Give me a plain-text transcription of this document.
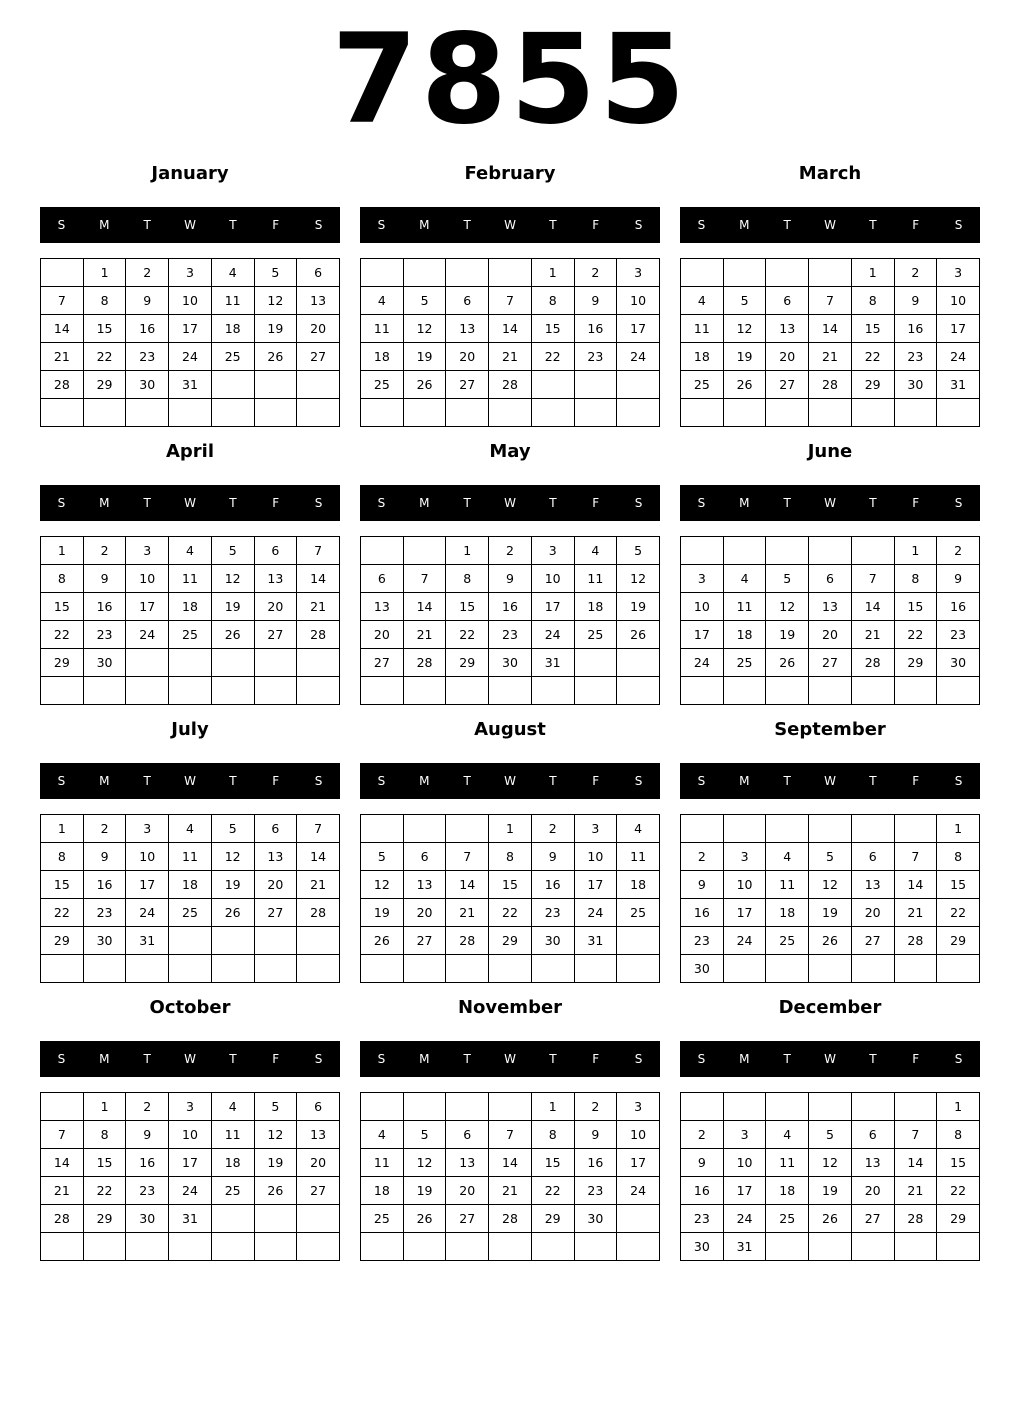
7855
January
S	M	T	W	T	F	S
	1	2	3	4	5	6
7	8	9	10	11	12	13
14	15	16	17	18	19	20
21	22	23	24	25	26	27
28	29	30	31			

February
S	M	T	W	T	F	S
				1	2	3
4	5	6	7	8	9	10
11	12	13	14	15	16	17
18	19	20	21	22	23	24
25	26	27	28			

March
S	M	T	W	T	F	S
				1	2	3
4	5	6	7	8	9	10
11	12	13	14	15	16	17
18	19	20	21	22	23	24
25	26	27	28	29	30	31

April
S	M	T	W	T	F	S
1	2	3	4	5	6	7
8	9	10	11	12	13	14
15	16	17	18	19	20	21
22	23	24	25	26	27	28
29	30					

May
S	M	T	W	T	F	S
		1	2	3	4	5
6	7	8	9	10	11	12
13	14	15	16	17	18	19
20	21	22	23	24	25	26
27	28	29	30	31		

June
S	M	T	W	T	F	S
					1	2
3	4	5	6	7	8	9
10	11	12	13	14	15	16
17	18	19	20	21	22	23
24	25	26	27	28	29	30

July
S	M	T	W	T	F	S
1	2	3	4	5	6	7
8	9	10	11	12	13	14
15	16	17	18	19	20	21
22	23	24	25	26	27	28
29	30	31				

August
S	M	T	W	T	F	S
			1	2	3	4
5	6	7	8	9	10	11
12	13	14	15	16	17	18
19	20	21	22	23	24	25
26	27	28	29	30	31	

September
S	M	T	W	T	F	S
						1
2	3	4	5	6	7	8
9	10	11	12	13	14	15
16	17	18	19	20	21	22
23	24	25	26	27	28	29
30						
October
S	M	T	W	T	F	S
	1	2	3	4	5	6
7	8	9	10	11	12	13
14	15	16	17	18	19	20
21	22	23	24	25	26	27
28	29	30	31			

November
S	M	T	W	T	F	S
				1	2	3
4	5	6	7	8	9	10
11	12	13	14	15	16	17
18	19	20	21	22	23	24
25	26	27	28	29	30	

December
S	M	T	W	T	F	S
						1
2	3	4	5	6	7	8
9	10	11	12	13	14	15
16	17	18	19	20	21	22
23	24	25	26	27	28	29
30	31					
